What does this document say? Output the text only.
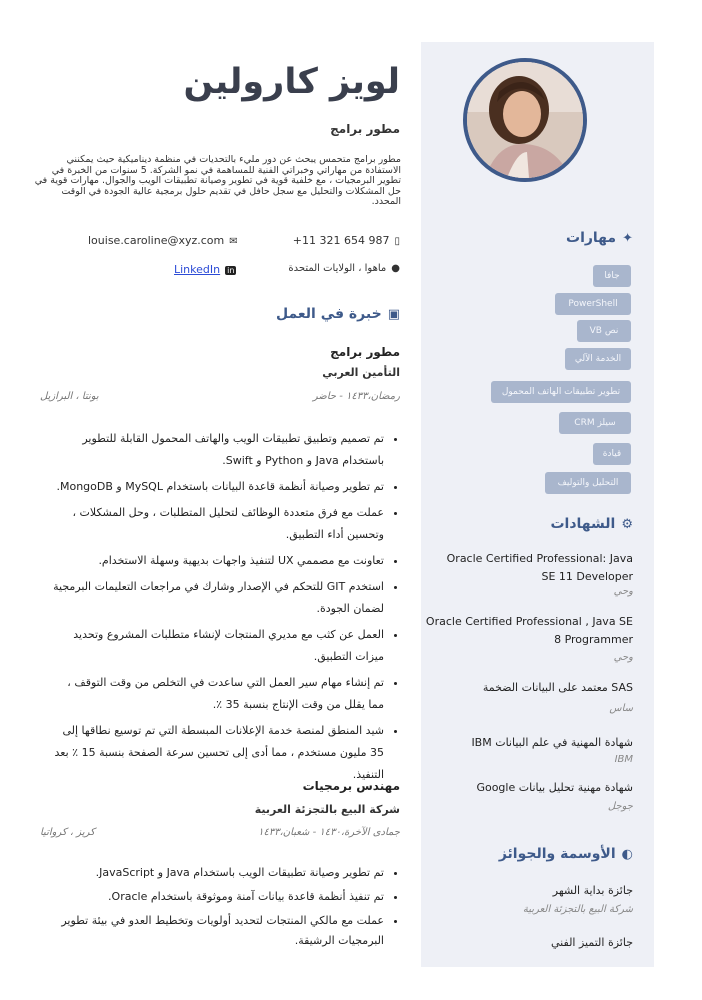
لويز كارولين
مطور برامج
مطور برامج متحمس يبحث عن دور مليء بالتحديات في منظمة ديناميكية حيث يمكنني الاستفادة من مهاراتي وخبراتي الفنية للمساهمة في نمو الشركة. 5 سنوات من الخبرة في تطوير البرمجيات ، مع خلفية قوية في تطوير وصيانة تطبيقات الويب والجوال. مهارات قوية في حل المشكلات والتحليل مع سجل حافل في تقديم حلول برمجية عالية الجودة في الوقت المحدد.
▯+11 321 654 987
✉louise.caroline@xyz.com
●ماهوا ، الولايات المتحدة
inLinkedIn
▣خبرة في العمل
مطور برامج
التأمين العربي
رمضان،١٤٣٣ - حاضر
بونتا ، البرازيل
• تم تصميم وتطبيق تطبيقات الويب والهاتف المحمول القابلة للتطوير باستخدام Java و Python و Swift.
• تم تطوير وصيانة أنظمة قاعدة البيانات باستخدام MySQL و MongoDB.
• عملت مع فرق متعددة الوظائف لتحليل المتطلبات ، وحل المشكلات ، وتحسين أداء التطبيق.
• تعاونت مع مصممي UX لتنفيذ واجهات بديهية وسهلة الاستخدام.
• استخدم GIT للتحكم في الإصدار وشارك في مراجعات التعليمات البرمجية لضمان الجودة.
• العمل عن كثب مع مديري المنتجات لإنشاء متطلبات المشروع وتحديد ميزات التطبيق.
• تم إنشاء مهام سير العمل التي ساعدت في التخلص من وقت التوقف ، مما يقلل من وقت الإنتاج بنسبة 35 ٪.
• شيد المنطق لمنصة خدمة الإعلانات المبسطة التي تم توسيع نطاقها إلى 35 مليون مستخدم ، مما أدى إلى تحسين سرعة الصفحة بنسبة 15 ٪ بعد التنفيذ.
مهندس برمجيات
شركة البيع بالتجزئة العربية
جمادى الآخرة،١٤٣٠ - شعبان،١٤٣٣
كريز ، كرواتيا
• تم تطوير وصيانة تطبيقات الويب باستخدام Java و JavaScript.
• تم تنفيذ أنظمة قاعدة بيانات آمنة وموثوقة باستخدام Oracle.
• عملت مع مالكي المنتجات لتحديد أولويات وتخطيط العدو في بيئة تطوير البرمجيات الرشيقة.
✦مهارات
جافا
PowerShell
نص VB
الخدمة الآلي
تطوير تطبيقات الهاتف المحمول
سيلز CRM
قيادة
التحليل والتوليف
⚙الشهادات
Oracle Certified Professional: Java SE 11 Developer
وحي
Oracle Certified Professional , Java SE 8 Programmer
وحي
SAS معتمد على البيانات الضخمة
ساس
شهادة المهنية في علم البيانات IBM
IBM
شهادة مهنية تحليل بيانات Google
جوجل
◐الأوسمة والجوائز
جائزة بداية الشهر
شركة البيع بالتجزئة العربية
جائزة التميز الفني
